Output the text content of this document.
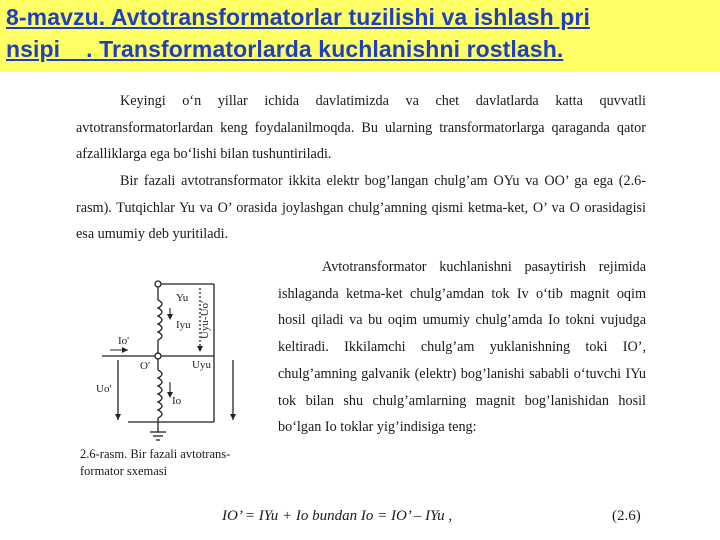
8-mavzu. Avtotransformatorlar tuzilishi va ishlash pri
nsipi    . Transformatorlarda kuchlanishni rostlash.
Keyingi o‘n yillar ichida davlatimizda va chet davlatlarda katta quvvatli avtotransformatorlardan keng foydalanilmoqda. Bu ularning transformatorlarga qaraganda qator afzalliklarga ega bo‘lishi bilan tushuntiriladi.
Bir fazali avtotransformator ikkita elektr bog’langan chulg’am OYu va OO’ ga ega (2.6-rasm). Tutqichlar Yu va O’ orasida joylashgan chulg’amning qismi ketma-ket, O’ va O orasidagisi esa umumiy deb yuritiladi.
Avtotransformator kuchlanishni pasaytirish rejimida ishlaganda ketma-ket chulg’amdan tok Iv o‘tib magnit oqim hosil qiladi va bu oqim umumiy chulg’amda Io tokni vujudga keltiradi. Ikkilamchi chulg’am yuklanishning toki IO’, chulg’amning galvanik (elektr) bog’lanishi sababli o‘tuvchi IYu tok bilan shu chulg’amlarning magnit bog’lanishidan hosil bo‘lgan Io toklar yig’indisiga teng:
Yu
Iyu
Io'
O'
Uo'
Uyu
Io
Uyu-Uo'
2.6-rasm. Bir fazali avtotrans-formator sxemasi
IO’ = IYu + Io bundan Io = IO’ – IYu ,	(2.6)
